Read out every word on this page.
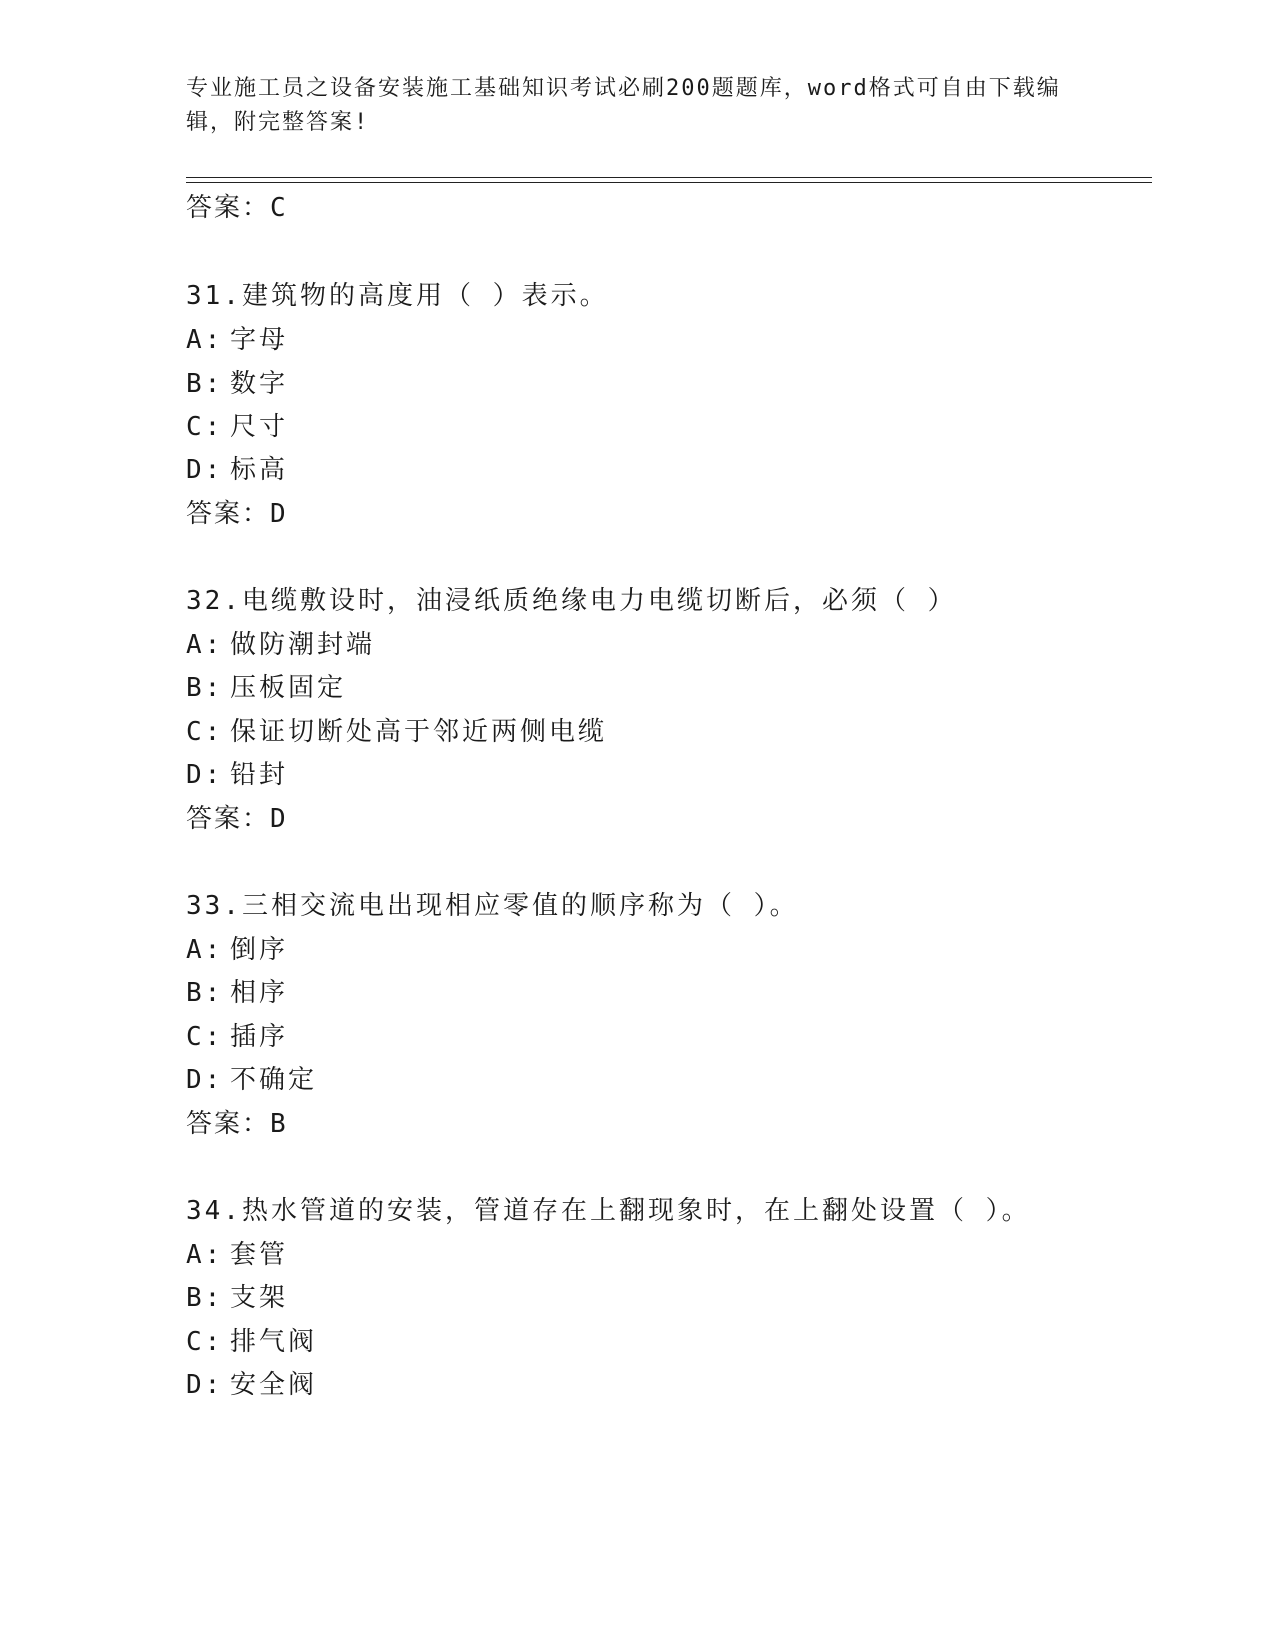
专业施工员之设备安装施工基础知识考试必刷200题题库，word格式可自由下载编辑，附完整答案!
答案：C
31.建筑物的高度用（ ）表示。
A: 字母
B: 数字
C: 尺寸
D: 标高
答案：D
32.电缆敷设时，油浸纸质绝缘电力电缆切断后，必须（ ）
A: 做防潮封端
B: 压板固定
C: 保证切断处高于邻近两侧电缆
D: 铅封
答案：D
33.三相交流电出现相应零值的顺序称为（ ）。
A: 倒序
B: 相序
C: 插序
D: 不确定
答案：B
34.热水管道的安装，管道存在上翻现象时，在上翻处设置（ ）。
A: 套管
B: 支架
C: 排气阀
D: 安全阀
